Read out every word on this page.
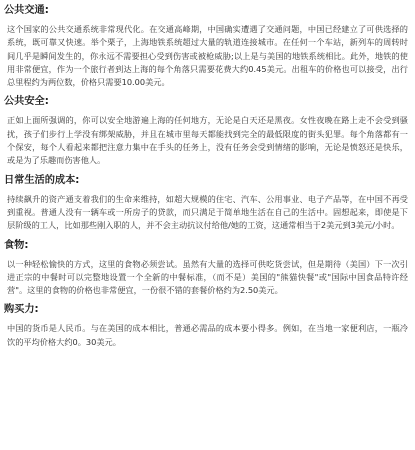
公共交通:

这个国家的公共交通系统非常现代化。在交通高峰期，中国确实遭遇了交通问题，中国已经建立了可供选择的系统，既可靠又快速。举个栗子，上海地铁系统超过大量的轨道连接城市。在任何一个车站，新列车的周转时间几乎是瞬间发生的，你永远不需要担心受到伤害或被枪威胁;以上是与美国的地铁系统相比。此外，地铁的使用非常便宜，作为一个旅行者到达上海的每个角落只需要花费大约0.45美元。出租车的价格也可以接受，出行总里程约为两位数，价格只需要10.00美元。

公共安全:

正如上面所强调的，你可以安全地游遍上海的任何地方，无论是白天还是黑夜。女性夜晚在路上走不会受到骚扰，孩子们步行上学没有绑架威胁，并且在城市里每天都能找到完全的最低限度的街头犯罪。每个角落都有一个保安，每个人看起来都把注意力集中在手头的任务上，没有任务会受到情绪的影响，无论是愤怒还是快乐，或是为了乐趣而伤害他人。

日常生活的成本:

持续飙升的资产通支着我们的生命来维持，如超大规模的住宅、汽车、公用事业、电子产品等，在中国不再受到重视。普通人没有一辆车或一所房子的贷款，而只满足于简单地生活在自己的生活中。固想起来，即使是下层阶级的工人，比如那些刚入职的人，并不会主动抗议付给他/她的工资，这通常相当于2美元到3美元/小时。

食物:

以一种轻松愉快的方式，这里的食物必须尝试。虽然有大量的选择可供吃货尝试，但是期待（美国）下一次引进正宗的中餐时可以完整地设置一个全新的中餐标准，（而不是）美国的"熊猫快餐"或"国际中国食品特许经营"。这里的食物的价格也非常便宜，一份很不错的套餐价格约为2.50美元。

购买力:

中国的货币是人民币。与在美国的成本相比，普通必需品的成本要小得多。例如，在当地一家便利店，一瓶冷饮的平均价格大约0。30美元。
